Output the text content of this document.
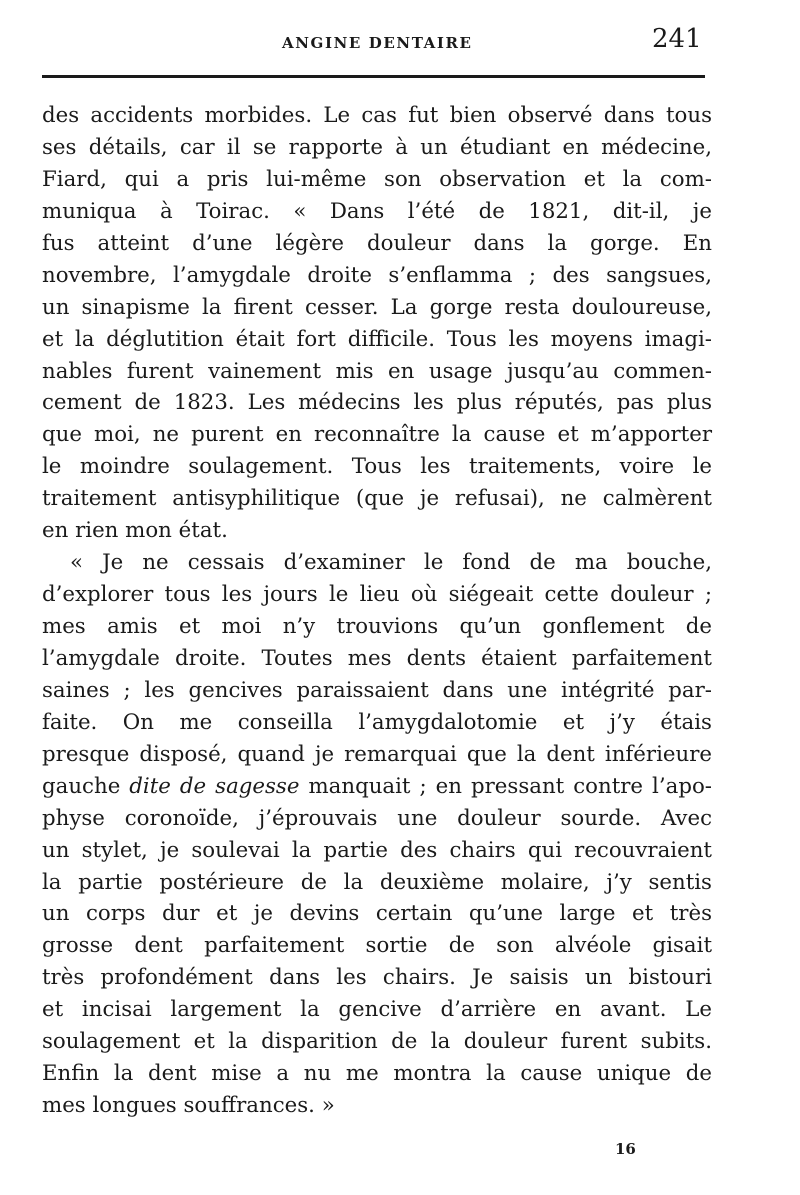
ANGINE DENTAIRE	241
des accidents morbides. Le cas fut bien observé dans tous
ses détails, car il se rapporte à un étudiant en médecine,
Fiard, qui a pris lui-même son observation et la com-
muniqua à Toirac. « Dans l’été de 1821, dit-il, je
fus atteint d’une légère douleur dans la gorge. En
novembre, l’amygdale droite s’enflamma ; des sangsues,
un sinapisme la firent cesser. La gorge resta douloureuse,
et la déglutition était fort difficile. Tous les moyens imagi-
nables furent vainement mis en usage jusqu’au commen-
cement de 1823. Les médecins les plus réputés, pas plus
que moi, ne purent en reconnaître la cause et m’apporter
le moindre soulagement. Tous les traitements, voire le
traitement antisyphilitique (que je refusai), ne calmèrent
en rien mon état.
« Je ne cessais d’examiner le fond de ma bouche,
d’explorer tous les jours le lieu où siégeait cette douleur ;
mes amis et moi n’y trouvions qu’un gonflement de
l’amygdale droite. Toutes mes dents étaient parfaitement
saines ; les gencives paraissaient dans une intégrité par-
faite. On me conseilla l’amygdalotomie et j’y étais
presque disposé, quand je remarquai que la dent inférieure
gauche dite de sagesse manquait ; en pressant contre l’apo-
physe coronoïde, j’éprouvais une douleur sourde. Avec
un stylet, je soulevai la partie des chairs qui recouvraient
la partie postérieure de la deuxième molaire, j’y sentis
un corps dur et je devins certain qu’une large et très
grosse dent parfaitement sortie de son alvéole gisait
très profondément dans les chairs. Je saisis un bistouri
et incisai largement la gencive d’arrière en avant. Le
soulagement et la disparition de la douleur furent subits.
Enfin la dent mise a nu me montra la cause unique de
mes longues souffrances. »
16
